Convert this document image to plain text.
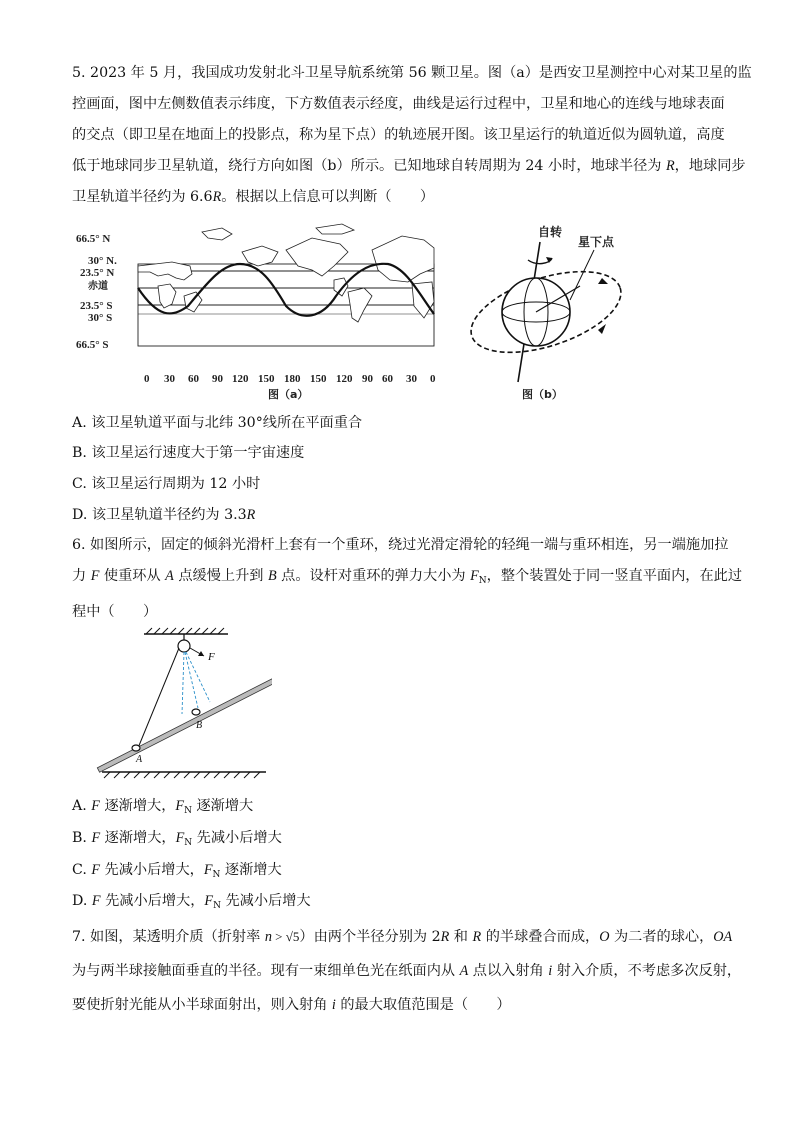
5. 2023 年 5 月，我国成功发射北斗卫星导航系统第 56 颗卫星。图（a）是西安卫星测控中心对某卫星的监
控画面，图中左侧数值表示纬度，下方数值表示经度，曲线是运行过程中，卫星和地心的连线与地球表面
的交点（即卫星在地面上的投影点，称为星下点）的轨迹展开图。该卫星运行的轨道近似为圆轨道，高度
低于地球同步卫星轨道，绕行方向如图（b）所示。已知地球自转周期为 24 小时，地球半径为 R，地球同步
卫星轨道半径约为 6.6R。根据以上信息可以判断（　　）
66.5° N
30° N.
23.5° N
赤道
23.5° S
30° S
66.5° S
0 30 60 90 120 150 180 150 120 90 60 30 0
图（a）
自转
星下点
图（b）
A. 该卫星轨道平面与北纬 30°线所在平面重合
B. 该卫星运行速度大于第一宇宙速度
C. 该卫星运行周期为 12 小时
D. 该卫星轨道半径约为 3.3R
6. 如图所示，固定的倾斜光滑杆上套有一个重环，绕过光滑定滑轮的轻绳一端与重环相连，另一端施加拉
力 F 使重环从 A 点缓慢上升到 B 点。设杆对重环的弹力大小为 $F_N$，整个装置处于同一竖直平面内，在此过
程中（　　）
F
A
B
A. F 逐渐增大，$F_N$ 逐渐增大
B. F 逐渐增大，$F_N$ 先减小后增大
C. F 先减小后增大，$F_N$ 逐渐增大
D. F 先减小后增大，$F_N$ 先减小后增大
7. 如图，某透明介质（折射率 n > √5）由两个半径分别为 2R 和 R 的半球叠合而成，O 为二者的球心，OA
为与两半球接触面垂直的半径。现有一束细单色光在纸面内从 A 点以入射角 i 射入介质，不考虑多次反射，
要使折射光能从小半球面射出，则入射角 i 的最大取值范围是（　　）
